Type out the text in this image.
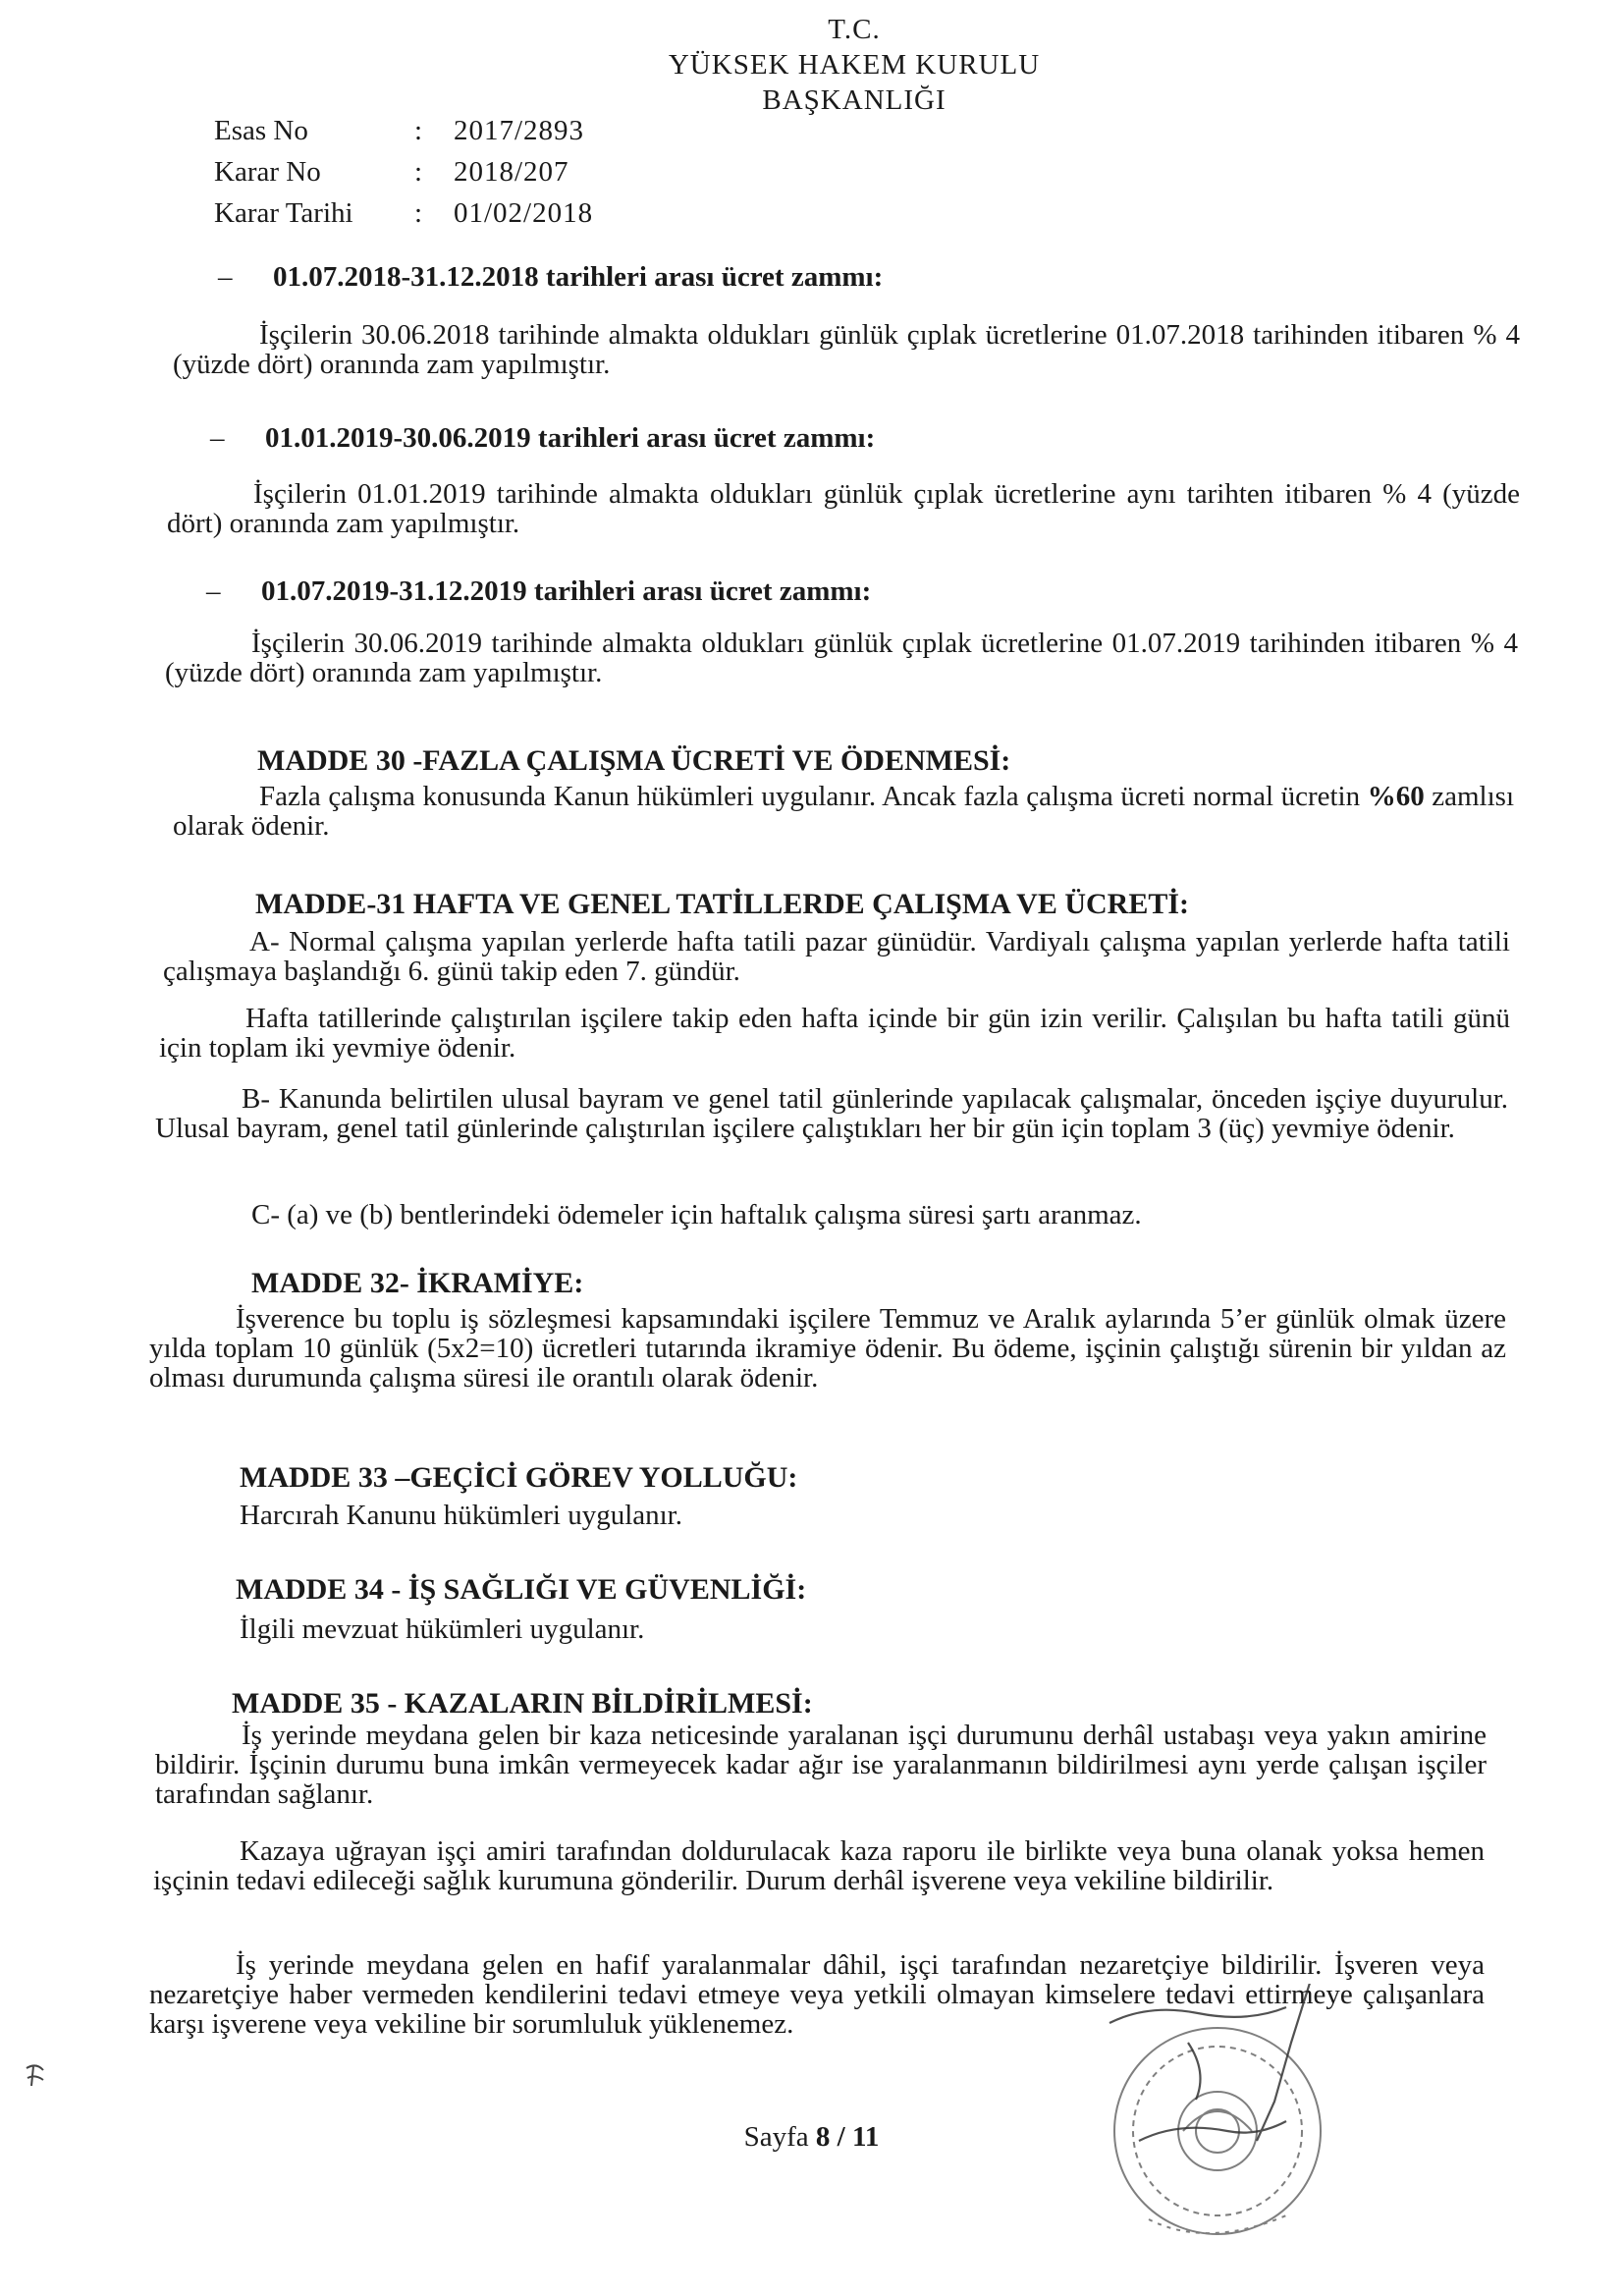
T.C.
YÜKSEK HAKEM KURULU
BAŞKANLIĞI
Esas No	:	2017/2893
Karar No	:	2018/207
Karar Tarihi	:	01/02/2018
– 01.07.2018-31.12.2018 tarihleri arası ücret zammı:
İşçilerin 30.06.2018 tarihinde almakta oldukları günlük çıplak ücretlerine 01.07.2018 tarihinden itibaren % 4 (yüzde dört) oranında zam yapılmıştır.
– 01.01.2019-30.06.2019 tarihleri arası ücret zammı:
İşçilerin 01.01.2019 tarihinde almakta oldukları günlük çıplak ücretlerine aynı tarihten itibaren % 4 (yüzde dört) oranında zam yapılmıştır.
– 01.07.2019-31.12.2019 tarihleri arası ücret zammı:
İşçilerin 30.06.2019 tarihinde almakta oldukları günlük çıplak ücretlerine 01.07.2019 tarihinden itibaren % 4 (yüzde dört) oranında zam yapılmıştır.
MADDE 30 -FAZLA ÇALIŞMA ÜCRETİ VE ÖDENMESİ:
Fazla çalışma konusunda Kanun hükümleri uygulanır. Ancak fazla çalışma ücreti normal ücretin %60 zamlısı olarak ödenir.
MADDE-31 HAFTA VE GENEL TATİLLERDE ÇALIŞMA VE ÜCRETİ:
A- Normal çalışma yapılan yerlerde hafta tatili pazar günüdür. Vardiyalı çalışma yapılan yerlerde hafta tatili çalışmaya başlandığı 6. günü takip eden 7. gündür.
Hafta tatillerinde çalıştırılan işçilere takip eden hafta içinde bir gün izin verilir. Çalışılan bu hafta tatili günü için toplam iki yevmiye ödenir.
B- Kanunda belirtilen ulusal bayram ve genel tatil günlerinde yapılacak çalışmalar, önceden işçiye duyurulur. Ulusal bayram, genel tatil günlerinde çalıştırılan işçilere çalıştıkları her bir gün için toplam 3 (üç) yevmiye ödenir.
C- (a) ve (b) bentlerindeki ödemeler için haftalık çalışma süresi şartı aranmaz.
MADDE 32- İKRAMİYE:
İşverence bu toplu iş sözleşmesi kapsamındaki işçilere Temmuz ve Aralık aylarında 5’er günlük olmak üzere yılda toplam 10 günlük (5x2=10) ücretleri tutarında ikramiye ödenir. Bu ödeme, işçinin çalıştığı sürenin bir yıldan az olması durumunda çalışma süresi ile orantılı olarak ödenir.
MADDE 33 –GEÇİCİ GÖREV YOLLUĞU:
Harcırah Kanunu hükümleri uygulanır.
MADDE 34 - İŞ SAĞLIĞI VE GÜVENLİĞİ:
İlgili mevzuat hükümleri uygulanır.
MADDE 35 - KAZALARIN BİLDİRİLMESİ:
İş yerinde meydana gelen bir kaza neticesinde yaralanan işçi durumunu derhâl ustabaşı veya yakın amirine bildirir. İşçinin durumu buna imkân vermeyecek kadar ağır ise yaralanmanın bildirilmesi aynı yerde çalışan işçiler tarafından sağlanır.
Kazaya uğrayan işçi amiri tarafından doldurulacak kaza raporu ile birlikte veya buna olanak yoksa hemen işçinin tedavi edileceği sağlık kurumuna gönderilir. Durum derhâl işverene veya vekiline bildirilir.
İş yerinde meydana gelen en hafif yaralanmalar dâhil, işçi tarafından nezaretçiye bildirilir. İşveren veya nezaretçiye haber vermeden kendilerini tedavi etmeye veya yetkili olmayan kimselere tedavi ettirmeye çalışanlara karşı işverene veya vekiline bir sorumluluk yüklenemez.
Sayfa 8 / 11
